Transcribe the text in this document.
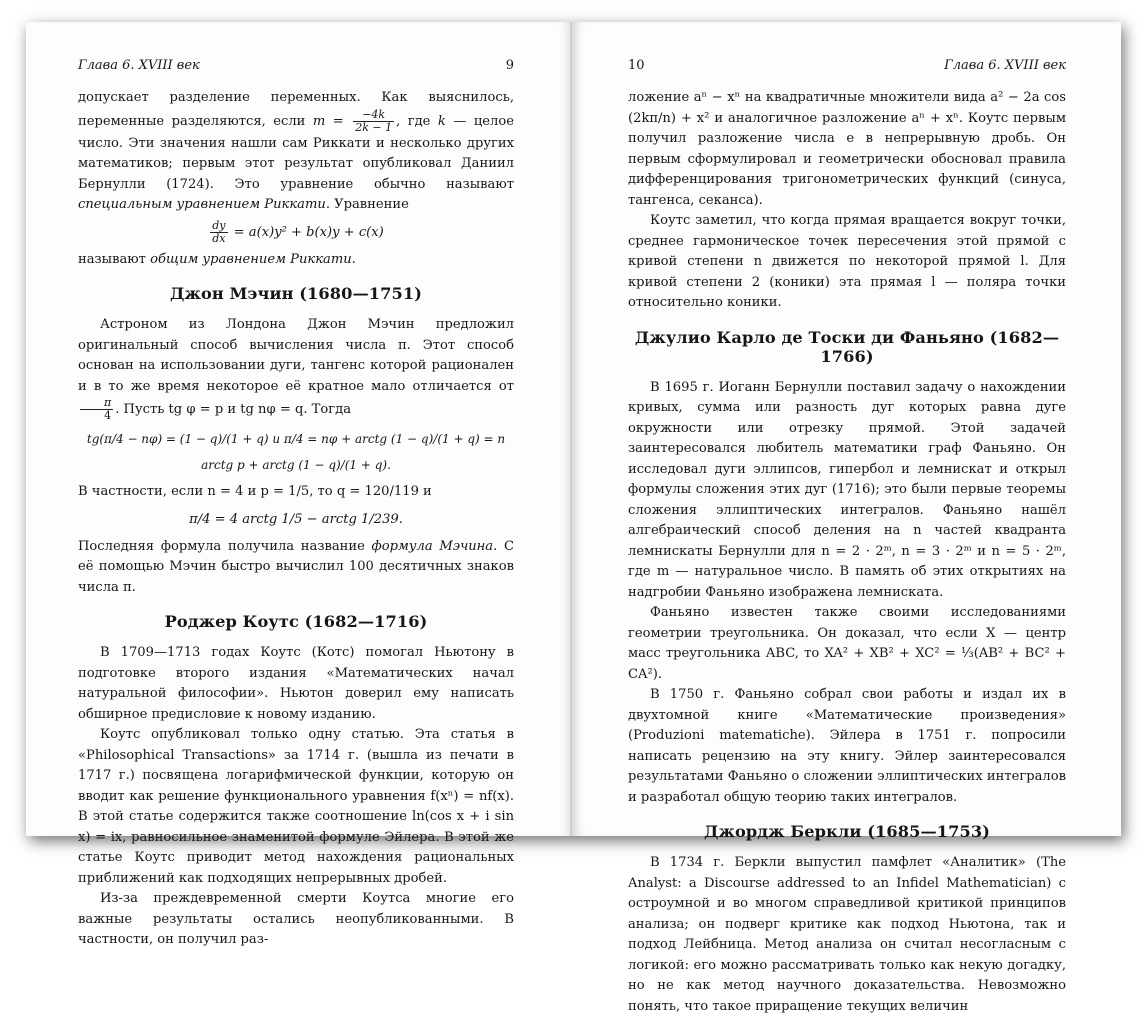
Глава 6. XVIII век	9

допускает разделение переменных. Как выяснилось, переменные разделяются, если $m = \frac{-4k}{2k - 1}$ , где k — целое число. Эти значения нашли сам Риккати и несколько других математиков; первым этот результат опубликовал Даниил Бернулли (1724). Это уравнение обычно называют специальным уравнением Риккати. Уравнение

$\frac{dy}{dx} = a(x)y^2 + b(x)y + c(x)$

называют общим уравнением Риккати.

Джон Мэчин (1680—1751)

Астроном из Лондона Джон Мэчин предложил оригинальный способ вычисления числа π. Этот способ основан на использовании дуги, тангенс которой рационален и в то же время некоторое её кратное мало отличается от
$\frac{\pi}{4}$ . Пусть tg φ = p и tg nφ = q. Тогда

tg(π/4 − nφ) = (1 − q)/(1 + q) и π/4 = nφ + arctg (1 − q)/(1 + q) = n arctg p + arctg (1 − q)/(1 + q).

В частности, если n = 4 и p = 1/5, то q = 120/119 и

π/4 = 4 arctg 1/5 − arctg 1/239.

Последняя формула получила название формула Мэчина. С её помощью Мэчин быстро вычислил 100 десятичных знаков числа π.

Роджер Коутс (1682—1716)

В 1709—1713 годах Коутс (Котс) помогал Ньютону в подготовке второго издания «Математических начал натуральной философии». Ньютон доверил ему написать обширное предисловие к новому изданию.

Коутс опубликовал только одну статью. Эта статья в «Philosophical Transactions» за 1714 г. (вышла из печати в 1717 г.) посвящена логарифмической функции, которую он вводит как решение функционального уравнения f(xⁿ) = nf(x). В этой статье содержится также соотношение ln(cos x + i sin x) = ix, равносильное знаменитой формуле Эйлера. В этой же статье Коутс приводит метод нахождения рациональных приближений как подходящих непрерывных дробей.

Из-за преждевременной смерти Коутса многие его важные результаты остались неопубликованными. В частности, он получил раз-

10	Глава 6. XVIII век

ложение aⁿ − xⁿ на квадратичные множители вида a² − 2a cos (2kπ/n) + x² и аналогичное разложение aⁿ + xⁿ. Коутс первым получил разложение числа e в непрерывную дробь. Он первым сформулировал и геометрически обосновал правила дифференцирования тригонометрических функций (синуса, тангенса, секанса).

Коутс заметил, что когда прямая вращается вокруг точки, среднее гармоническое точек пересечения этой прямой с кривой степени n движется по некоторой прямой l. Для кривой степени 2 (коники) эта прямая l — поляра точки относительно коники.

Джулио Карло де Тоски ди Фаньяно (1682—1766)

В 1695 г. Иоганн Бернулли поставил задачу о нахождении кривых, сумма или разность дуг которых равна дуге окружности или отрезку прямой. Этой задачей заинтересовался любитель математики граф Фаньяно. Он исследовал дуги эллипсов, гипербол и лемнискат и открыл формулы сложения этих дуг (1716); это были первые теоремы сложения эллиптических интегралов. Фаньяно нашёл алгебраический способ деления на n частей квадранта лемнискаты Бернулли для n = 2 · 2ᵐ, n = 3 · 2ᵐ и n = 5 · 2ᵐ, где m — натуральное число. В память об этих открытиях на надгробии Фаньяно изображена лемниската.

Фаньяно известен также своими исследованиями геометрии треугольника. Он доказал, что если X — центр масс треугольника ABC, то XA² + XB² + XC² = ⅓(AB² + BC² + CA²).

В 1750 г. Фаньяно собрал свои работы и издал их в двухтомной книге «Математические произведения» (Produzioni matematiche). Эйлера в 1751 г. попросили написать рецензию на эту книгу. Эйлер заинтересовался результатами Фаньяно о сложении эллиптических интегралов и разработал общую теорию таких интегралов.

Джордж Беркли (1685—1753)

В 1734 г. Беркли выпустил памфлет «Аналитик» (The Analyst: a Discourse addressed to an Infidel Mathematician) с остроумной и во многом справедливой критикой принципов анализа; он подверг критике как подход Ньютона, так и подход Лейбница. Метод анализа он считал несогласным с логикой: его можно рассматривать только как некую догадку, но не как метод научного доказательства. Невозможно понять, что такое приращение текущих величин
